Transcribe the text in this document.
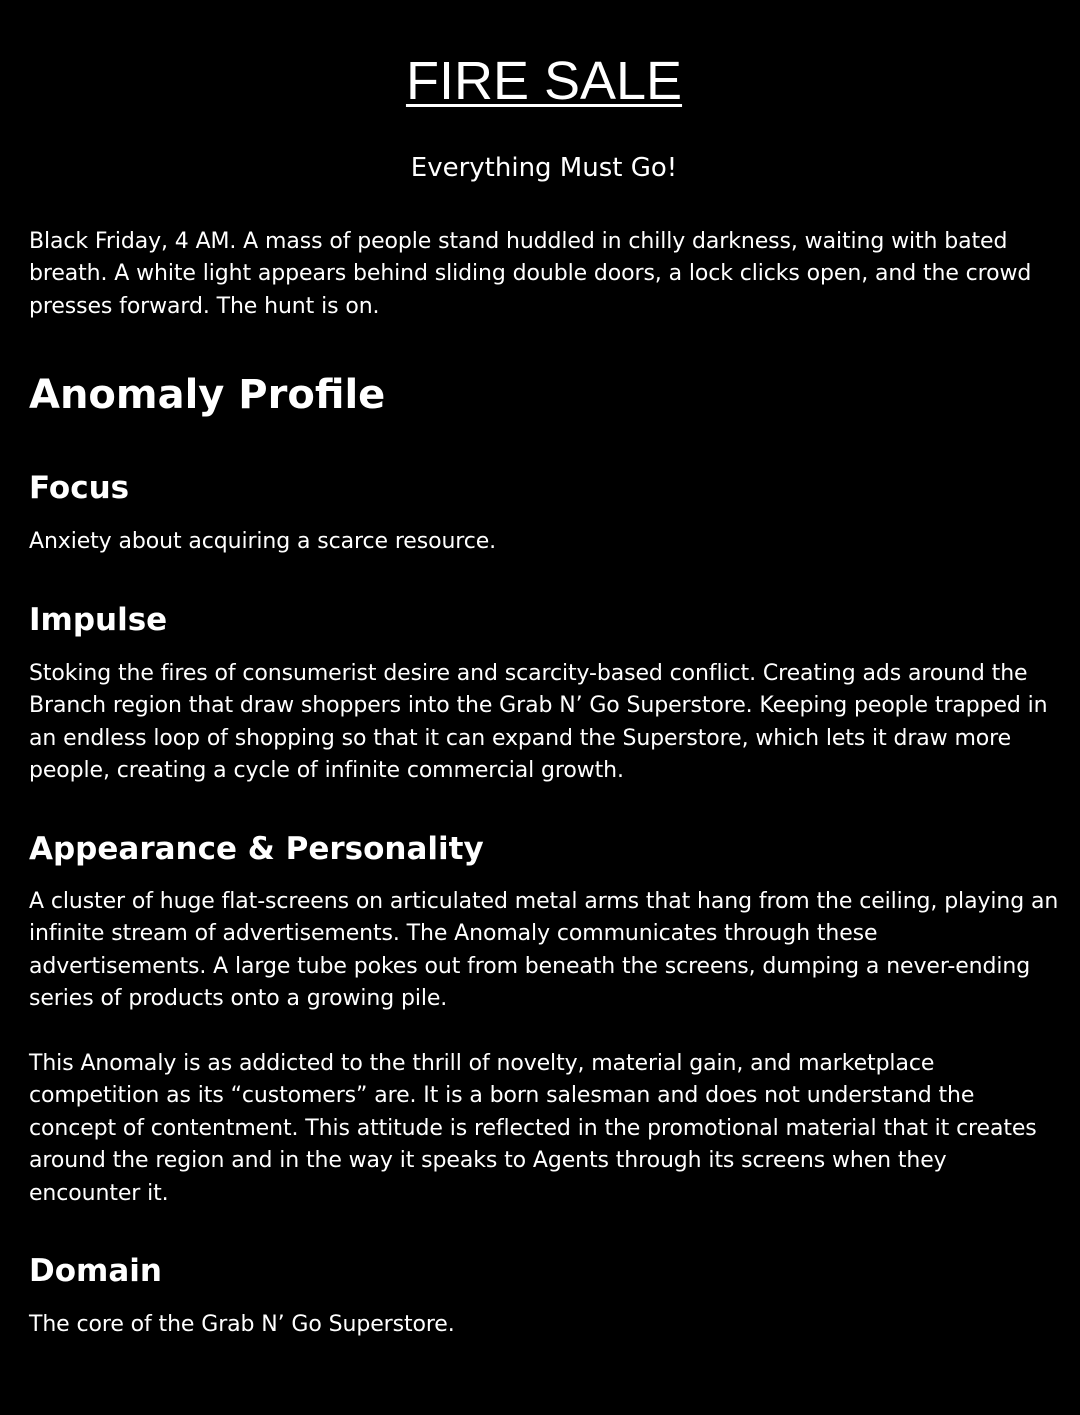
FIRE SALE

Everything Must Go!

Black Friday, 4 AM. A mass of people stand huddled in chilly darkness, waiting with bated breath. A white light appears behind sliding double doors, a lock clicks open, and the crowd presses forward. The hunt is on.

Anomaly Profile
Focus

Anxiety about acquiring a scarce resource.

Impulse

Stoking the fires of consumerist desire and scarcity-based conflict. Creating ads around the Branch region that draw shoppers into the Grab N’ Go Superstore. Keeping people trapped in an endless loop of shopping so that it can expand the Superstore, which lets it draw more people, creating a cycle of infinite commercial growth.

Appearance & Personality

A cluster of huge flat-screens on articulated metal arms that hang from the ceiling, playing an infinite stream of advertisements. The Anomaly communicates through these advertisements. A large tube pokes out from beneath the screens, dumping a never-ending series of products onto a growing pile.

This Anomaly is as addicted to the thrill of novelty, material gain, and marketplace competition as its “customers” are. It is a born salesman and does not understand the concept of contentment. This attitude is reflected in the promotional material that it creates around the region and in the way it speaks to Agents through its screens when they encounter it.

Domain

The core of the Grab N’ Go Superstore.
